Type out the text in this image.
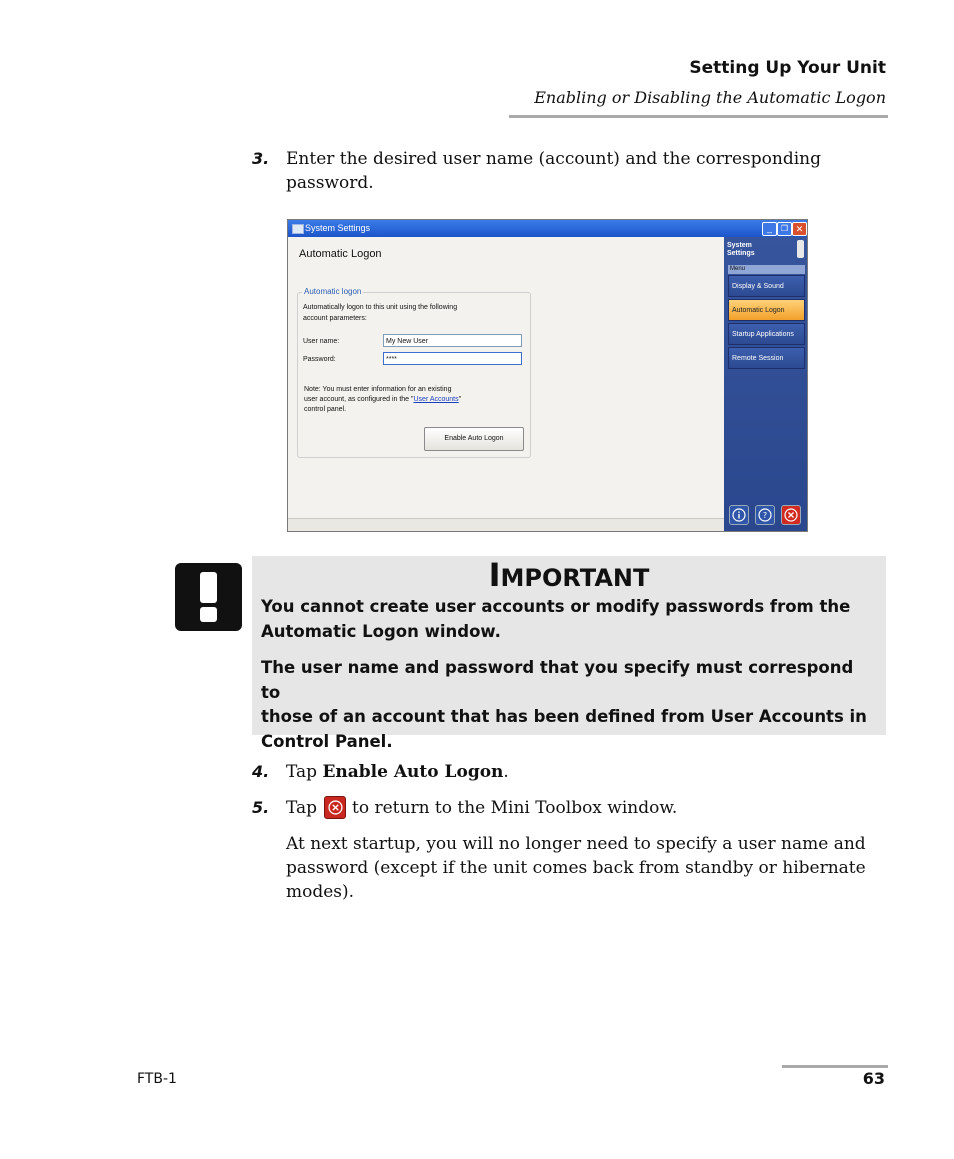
Setting Up Your Unit
Enabling or Disabling the Automatic Logon
3. Enter the desired user name (account) and the corresponding
password.
System Settings	_	❐ ✕
Automatic Logon
Automatic logon
Automatically logon to this unit using the following
account parameters:
User name:	My New User
Password:	****
Note: You must enter information for an existing
user account, as configured in the "User Accounts"
control panel.
Enable Auto Logon
System
Settings
Menu
Display & Sound
Automatic Logon
Startup Applications
Remote Session
?
IMPORTANT
You cannot create user accounts or modify passwords from the
Automatic Logon window.
The user name and password that you specify must correspond to
those of an account that has been defined from User Accounts in
Control Panel.
4. Tap Enable Auto Logon.
5. Tap to return to the Mini Toolbox window.
At next startup, you will no longer need to specify a user name and
password (except if the unit comes back from standby or hibernate
modes).
FTB-1	63
